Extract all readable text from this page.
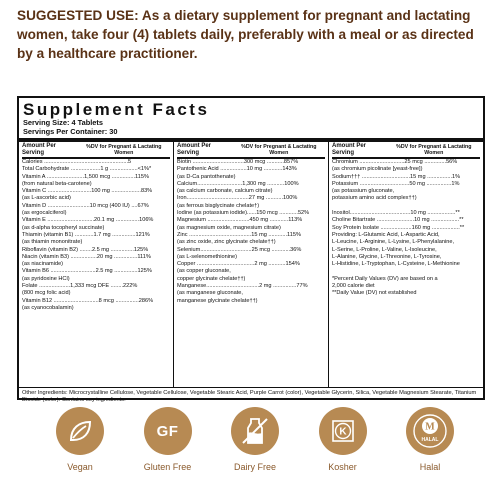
SUGGESTED USE: As a dietary supplement for pregnant and lactating women, take four (4) tablets daily, preferably with a meal or as directed by a healthcare practitioner.
Supplement Facts
Serving Size: 4 Tablets
Servings Per Container: 30
Amount Per Serving
%DV for Pregnant & Lactating Women
Calories ......................................................5
Total Carbohydrate ...................1 g ..................<1%*
Vitamin A ........................1,500 mcg ...............115%
(from natural beta-carotene)
Vitamin C ............................100 mg ...................83%
(as L-ascorbic acid)
Vitamin D ...........................10 mcg (400 IU) ....67%
(as ergocalciferol)
Vitamin E ..............................20.1 mg ...............106%
(as d-alpha tocopheryl succinate)
Thiamin (vitamin B1) ............1.7 mg ...............121%
(as thiamin mononitrate)
Riboflavin (vitamin B2) ........2.5 mg ...............125%
Niacin (vitamin B3) .................20 mg ...............111%
(as niacinamide)
Vitamin B6 .............................2.5 mg ...............125%
(as pyridoxine HCl)
Folate ....................1,333 mcg DFE ........222%
(800 mcg folic acid)
Vitamin B12 .............................8 mcg ...............286%
(as cyanocobalamin)
Amount Per Serving
%DV for Pregnant & Lactating Women
Biotin .................................300 mcg ...........857%
Pantothenic Acid .................10 mg ............143%
(as D-Ca pantothenate)
Calcium.............................1,300 mg ...........100%
(as calcium carbonate, calcium citrate)
Iron........................................27 mg ...........100%
(as ferrous bisglycinate chelate†)
Iodine (as potassium iodide)......150 mcg ............52%
Magnesium ...........................450 mg ............113%
(as magnesium oxide, magnesium citrate)
Zinc ........................................15 mg ............115%
(as zinc oxide, zinc glycinate chelate††)
Selenium.................................25 mcg ............36%
(as L-selenomethionine)
Copper .....................................2 mg ...........154%
(as copper gluconate,
copper glycinate chelate††)
Manganese..................................2 mg ...............77%
(as manganese gluconate,
manganese glycinate chelate††)
Amount Per Serving
%DV for Pregnant & Lactating Women
Chromium .............................25 mcg ..............56%
(as chromium picolinate [yeast-free])
Sodium††† ...............................15 mg ................1%
Potassium ................................50 mg ................1%
(as potassium gluconate,
potassium amino acid complex††)

Inositol.......................................10 mg ..................**
Choline Bitartrate ........................10 mg ..................**
Soy Protein Isolate ....................160 mg ..................**
Providing: L-Glutamic Acid, L-Aspartic Acid,
L-Leucine, L-Arginine, L-Lysine, L-Phenylalanine,
L-Serine, L-Proline, L-Valine, L-Isoleucine,
L-Alanine, Glycine, L-Threonine, L-Tyrosine,
L-Histidine, L-Tryptophan, L-Cysteine, L-Methionine

*Percent Daily Values (DV) are based on a
2,000 calorie diet
**Daily Value (DV) not established
Other Ingredients: Microcrystalline Cellulose, Vegetable Cellulose, Vegetable Stearic Acid, Purple Carrot (color), Vegetable Glycerin, Silica, Vegetable Magnesium Stearate, Titanium Dioxide (color). Contains soy ingredients.
Vegan
GF
Gluten Free	Dairy Free
K
Kosher
M
HALAL
Halal
